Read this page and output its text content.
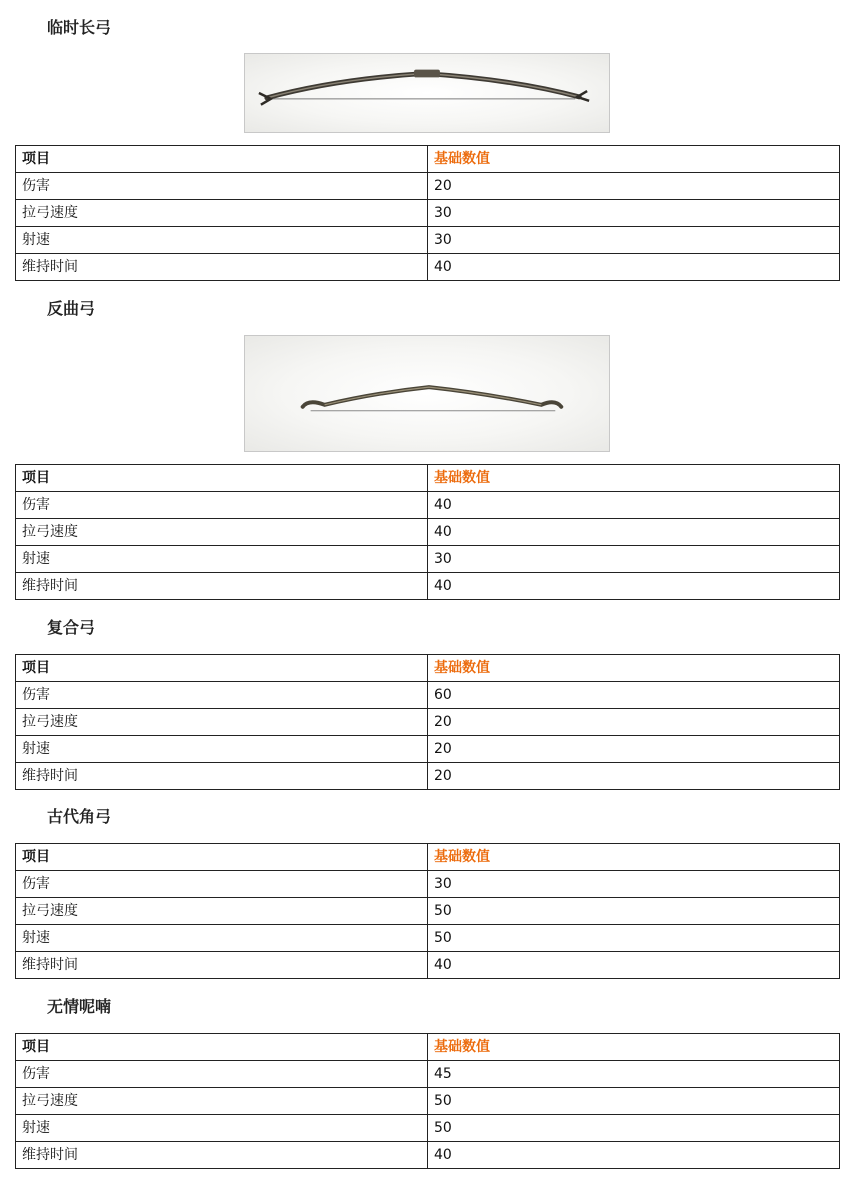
临时长弓
项目	基础数值
伤害	20
拉弓速度	30
射速	30
维持时间	40
反曲弓
项目	基础数值
伤害	40
拉弓速度	40
射速	30
维持时间	40
复合弓
项目	基础数值
伤害	60
拉弓速度	20
射速	20
维持时间	20
古代角弓
项目	基础数值
伤害	30
拉弓速度	50
射速	50
维持时间	40
无情呢喃
项目	基础数值
伤害	45
拉弓速度	50
射速	50
维持时间	40
